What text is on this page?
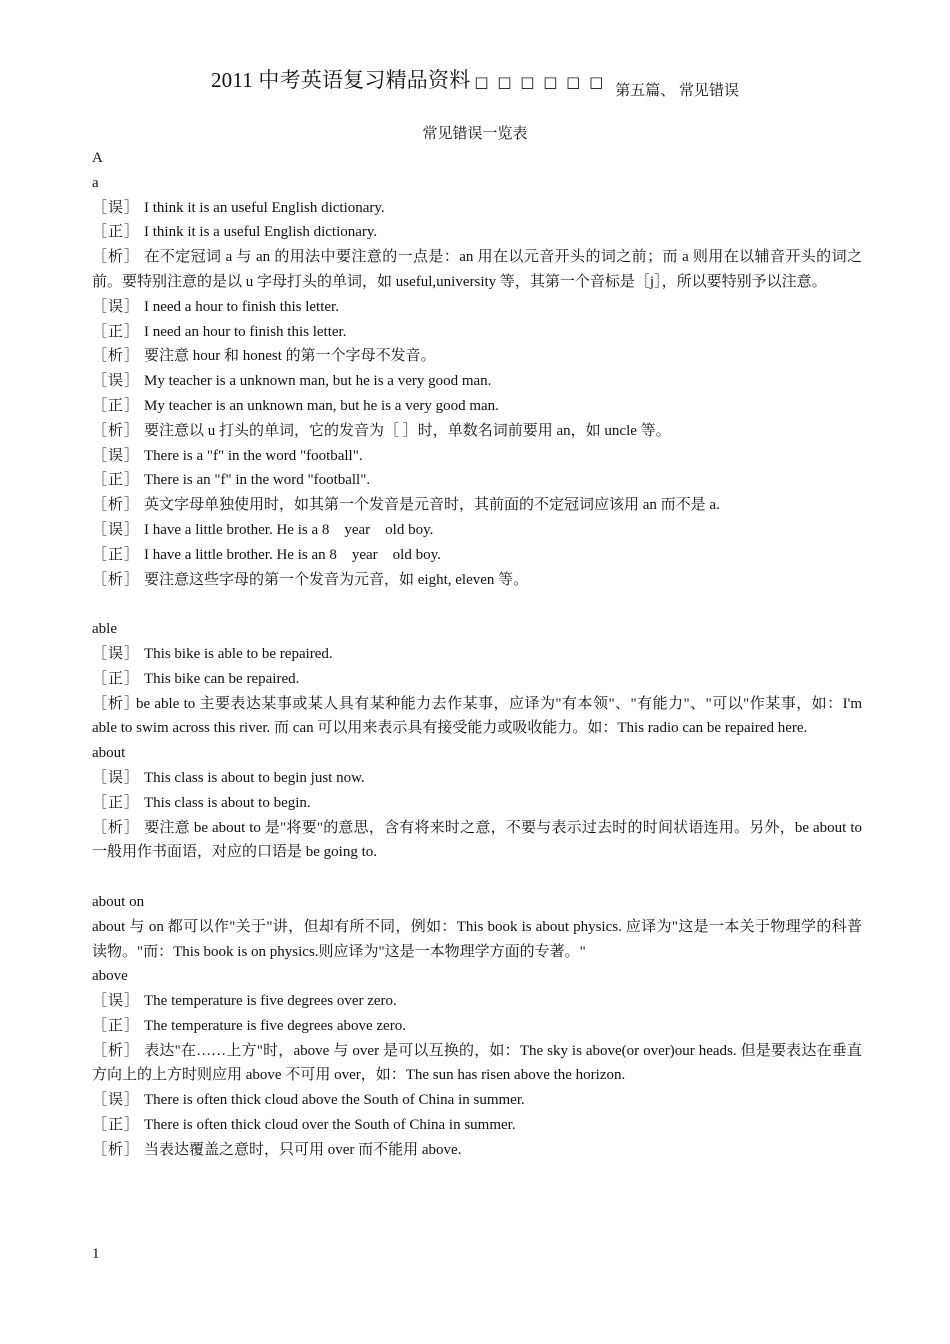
2011 中考英语复习精品资料 □ □ □ □ □ □ 第五篇、 常见错误
常见错误一览表
A
a
［误］ I think it is an useful English dictionary.
［正］ I think it is a useful English dictionary.
［析］ 在不定冠词 a 与 an 的用法中要注意的一点是：an 用在以元音开头的词之前；而 a 则用在以辅音开头的词之前。要特别注意的是以 u 字母打头的单词，如 useful,university 等，其第一个音标是［j］，所以要特别予以注意。
［误］ I need a hour to finish this letter.
［正］ I need an hour to finish this letter.
［析］ 要注意 hour 和 honest 的第一个字母不发音。
［误］ My teacher is a unknown man, but he is a very good man.
［正］ My teacher is an unknown man, but he is a very good man.
［析］ 要注意以 u 打头的单词，它的发音为［ ］时，单数名词前要用 an，如 uncle 等。
［误］ There is a "f" in the word "football".
［正］ There is an "f" in the word "football".
［析］ 英文字母单独使用时，如其第一个发音是元音时，其前面的不定冠词应该用 an 而不是 a.
［误］ I have a little brother. He is a 8    year    old boy.
［正］ I have a little brother. He is an 8    year    old boy.
［析］ 要注意这些字母的第一个发音为元音，如 eight, eleven 等。
able
［误］ This bike is able to be repaired.
［正］ This bike can be repaired.
［析］be able to 主要表达某事或某人具有某种能力去作某事，应译为"有本领"、"有能力"、"可以"作某事，如：I'm able to swim across this river. 而 can 可以用来表示具有接受能力或吸收能力。如：This radio can be repaired here.
about
［误］ This class is about to begin just now.
［正］ This class is about to begin.
［析］ 要注意 be about to 是"将要"的意思，含有将来时之意，不要与表示过去时的时间状语连用。另外，be about to 一般用作书面语，对应的口语是 be going to.
about on
about 与 on 都可以作"关于"讲，但却有所不同，例如：This book is about physics. 应译为"这是一本关于物理学的科普读物。"而：This book is on physics.则应译为"这是一本物理学方面的专著。"
above
［误］ The temperature is five degrees over zero.
［正］ The temperature is five degrees above zero.
［析］ 表达"在……上方"时，above 与 over 是可以互换的，如：The sky is above(or over)our heads. 但是要表达在垂直方向上的上方时则应用 above 不可用 over，如：The sun has risen above the horizon.
［误］ There is often thick cloud above the South of China in summer.
［正］ There is often thick cloud over the South of China in summer.
［析］ 当表达覆盖之意时，只可用 over 而不能用 above.
1
